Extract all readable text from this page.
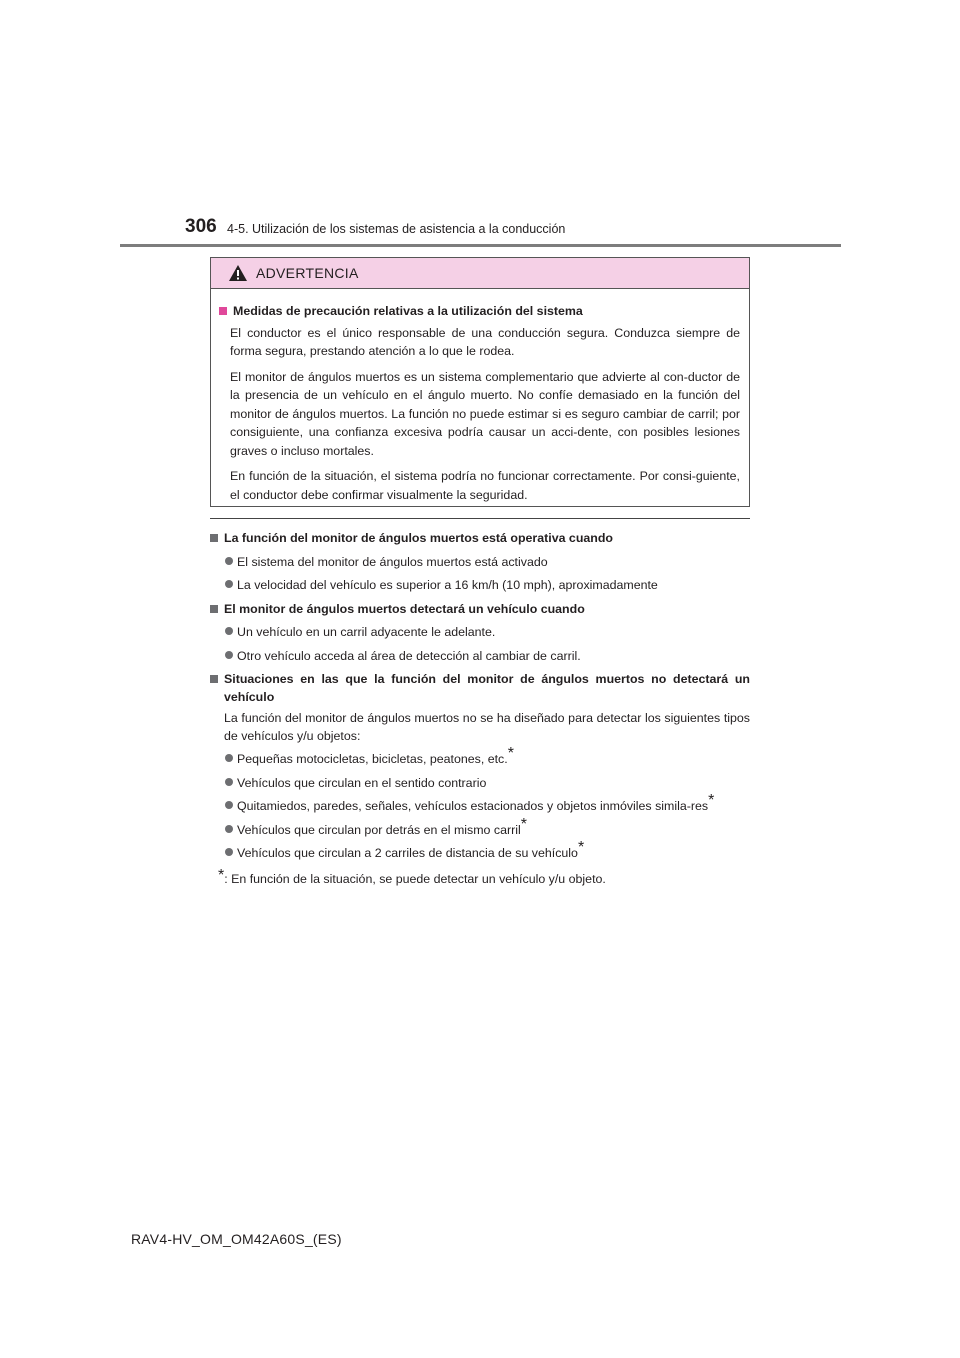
306 4-5. Utilización de los sistemas de asistencia a la conducción
ADVERTENCIA
Medidas de precaución relativas a la utilización del sistema

El conductor es el único responsable de una conducción segura. Conduzca siempre de forma segura, prestando atención a lo que le rodea.

El monitor de ángulos muertos es un sistema complementario que advierte al con-ductor de la presencia de un vehículo en el ángulo muerto. No confíe demasiado en la función del monitor de ángulos muertos. La función no puede estimar si es seguro cambiar de carril; por consiguiente, una confianza excesiva podría causar un acci-dente, con posibles lesiones graves o incluso mortales.

En función de la situación, el sistema podría no funcionar correctamente. Por consi-guiente, el conductor debe confirmar visualmente la seguridad.

La función del monitor de ángulos muertos está operativa cuando
El sistema del monitor de ángulos muertos está activado
La velocidad del vehículo es superior a 16 km/h (10 mph), aproximadamente
El monitor de ángulos muertos detectará un vehículo cuando
Un vehículo en un carril adyacente le adelante.
Otro vehículo acceda al área de detección al cambiar de carril.
Situaciones en las que la función del monitor de ángulos muertos no detectará un vehículo
La función del monitor de ángulos muertos no se ha diseñado para detectar los siguientes tipos de vehículos y/u objetos:
Pequeñas motocicletas, bicicletas, peatones, etc.*
Vehículos que circulan en el sentido contrario
Quitamiedos, paredes, señales, vehículos estacionados y objetos inmóviles simila-res*
Vehículos que circulan por detrás en el mismo carril*
Vehículos que circulan a 2 carriles de distancia de su vehículo*
*: En función de la situación, se puede detectar un vehículo y/u objeto.
RAV4-HV_OM_OM42A60S_(ES)
